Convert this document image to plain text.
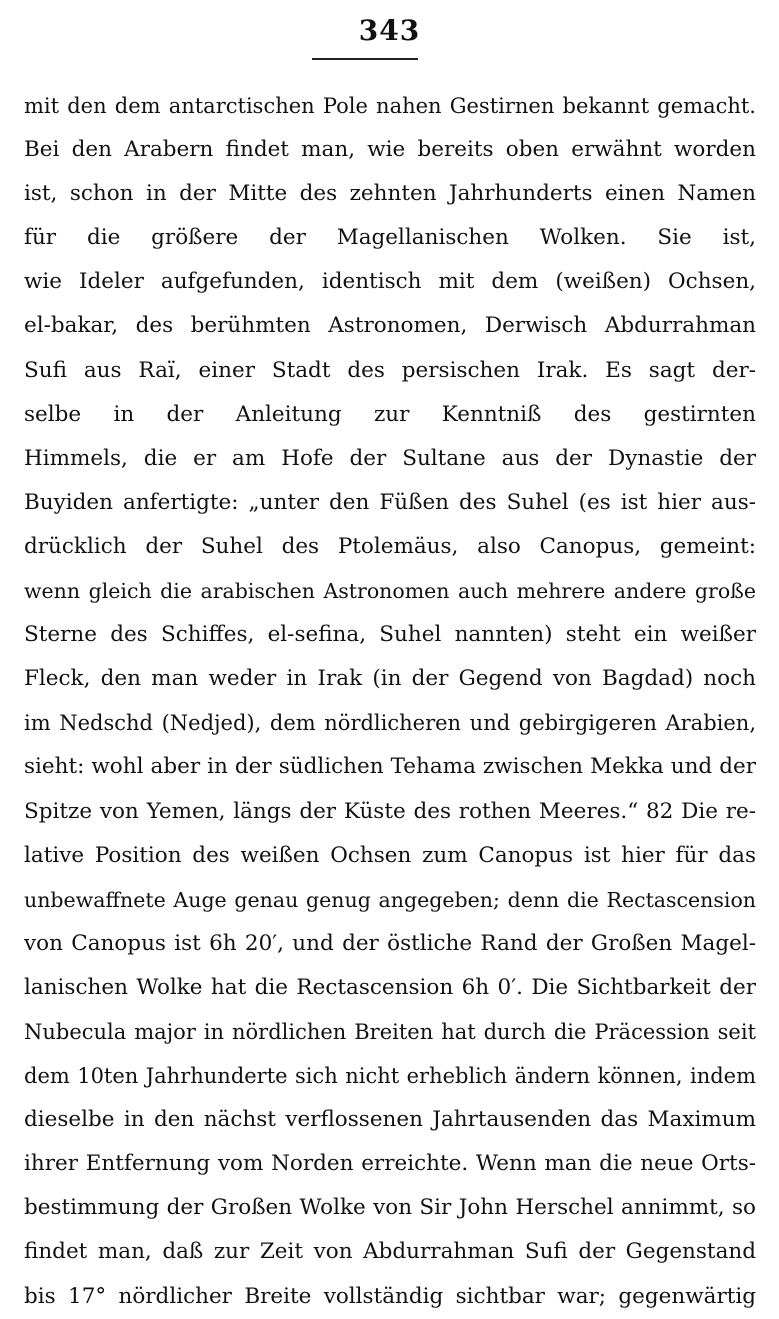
343
mit den dem antarctischen Pole nahen Gestirnen bekannt gemacht.
Bei den Arabern findet man, wie bereits oben erwähnt worden
ist, schon in der Mitte des zehnten Jahrhunderts einen Namen
für die größere der Magellanischen Wolken. Sie ist,
wie Ideler aufgefunden, identisch mit dem (weißen) Ochsen,
el-bakar, des berühmten Astronomen, Derwisch Abdurrahman
Sufi aus Raï, einer Stadt des persischen Irak. Es sagt der-
selbe in der Anleitung zur Kenntniß des gestirnten
Himmels, die er am Hofe der Sultane aus der Dynastie der
Buyiden anfertigte: „unter den Füßen des Suhel (es ist hier aus-
drücklich der Suhel des Ptolemäus, also Canopus, gemeint:
wenn gleich die arabischen Astronomen auch mehrere andere große
Sterne des Schiffes, el-sefina, Suhel nannten) steht ein weißer
Fleck, den man weder in Irak (in der Gegend von Bagdad) noch
im Nedschd (Nedjed), dem nördlicheren und gebirgigeren Arabien,
sieht: wohl aber in der südlichen Tehama zwischen Mekka und der
Spitze von Yemen, längs der Küste des rothen Meeres.“ 82 Die re-
lative Position des weißen Ochsen zum Canopus ist hier für das
unbewaffnete Auge genau genug angegeben; denn die Rectascension
von Canopus ist 6h 20′, und der östliche Rand der Großen Magel-
lanischen Wolke hat die Rectascension 6h 0′. Die Sichtbarkeit der
Nubecula major in nördlichen Breiten hat durch die Präcession seit
dem 10ten Jahrhunderte sich nicht erheblich ändern können, indem
dieselbe in den nächst verflossenen Jahrtausenden das Maximum
ihrer Entfernung vom Norden erreichte. Wenn man die neue Orts-
bestimmung der Großen Wolke von Sir John Herschel annimmt, so
findet man, daß zur Zeit von Abdurrahman Sufi der Gegenstand
bis 17° nördlicher Breite vollständig sichtbar war; gegenwärtig
